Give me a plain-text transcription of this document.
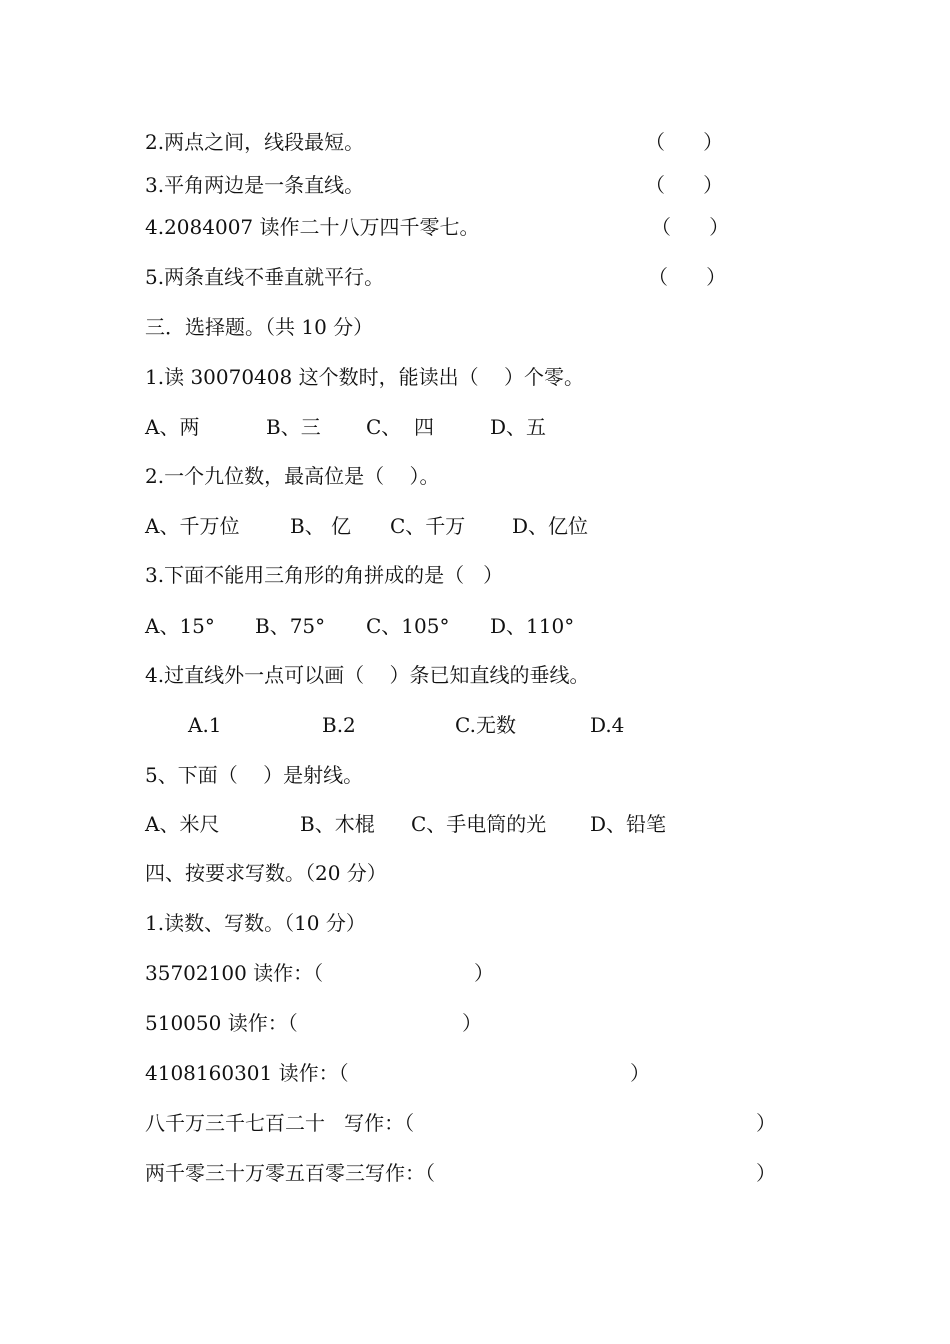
2.两点之间，线段最短。	（      ）
3.平角两边是一条直线。	（      ）
4.2084007 读作二十八万四千零七。	（      ）
5.两条直线不垂直就平行。	（      ）
三．选择题。（共 10 分）
1.读 30070408 这个数时，能读出（    ）个零。
A、两	B、三 C、  四	D、五
2.一个九位数，最高位是（    ）。
A、千万位	B、 亿 C、千万 D、亿位
3.下面不能用三角形的角拼成的是（   ）
A、15° B、75° C、105° D、110°
4.过直线外一点可以画（    ）条已知直线的垂线。
A.1	B.2	C.无数	D.4
5、下面（    ）是射线。
A、米尺	B、木棍 C、手电筒的光 D、铅笔
四、按要求写数。（20 分）
1.读数、写数。（10 分）
35702100 读作：（	）
510050 读作：（	）
4108160301 读作：（	）
八千万三千七百二十   写作：（	）
两千零三十万零五百零三写作：（	）
